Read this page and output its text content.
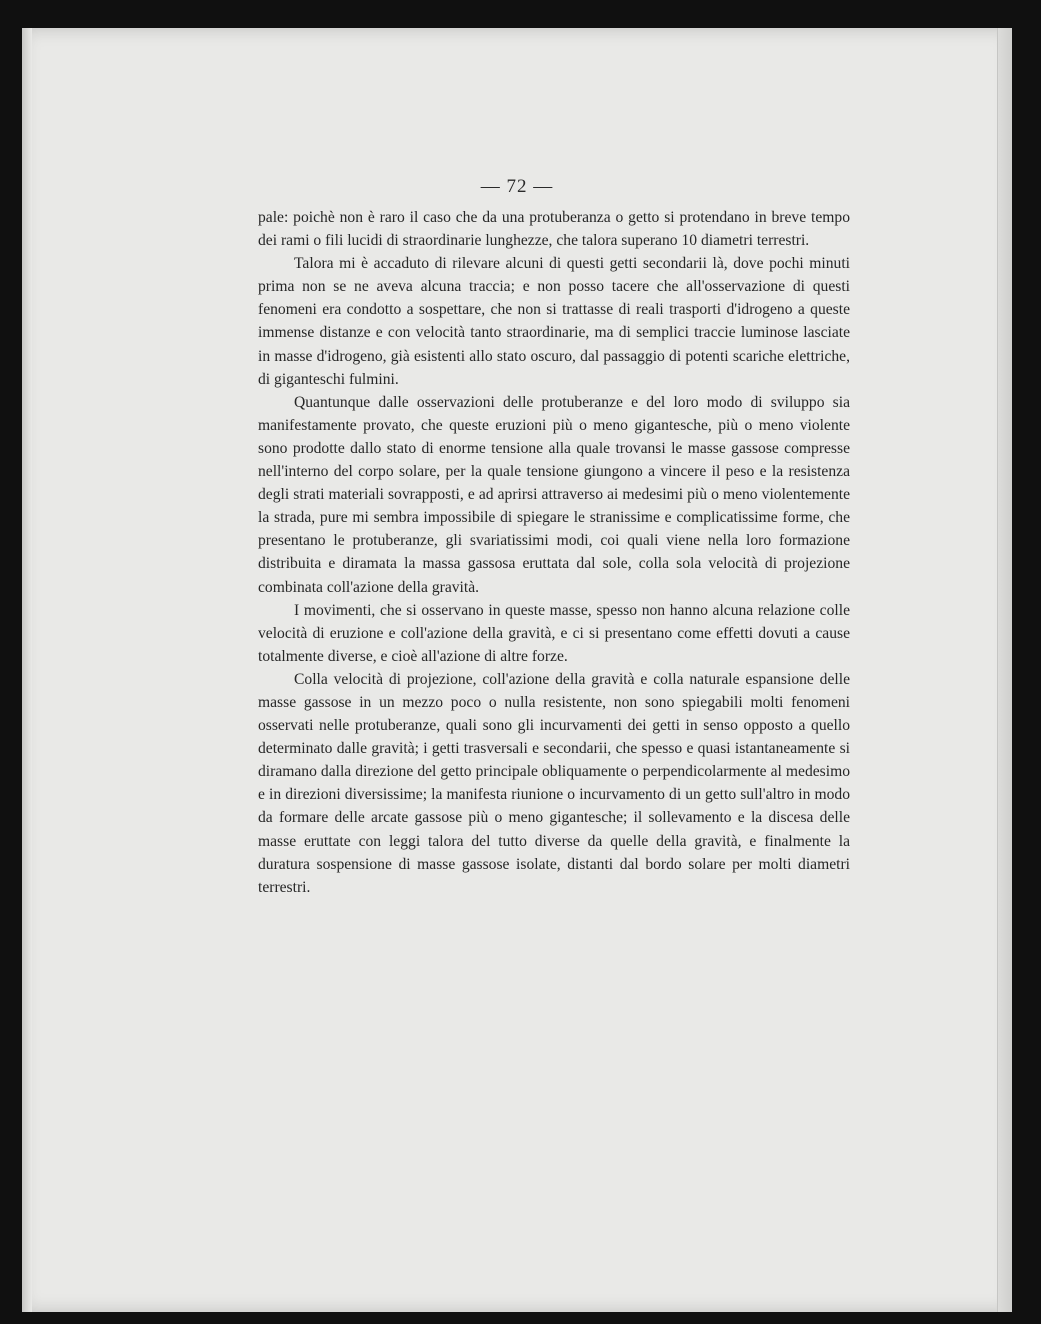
— 72 —

pale: poichè non è raro il caso che da una protuberanza o getto si protendano in breve tempo dei rami o fili lucidi di straordinarie lunghezze, che talora superano 10 diametri terrestri.

Talora mi è accaduto di rilevare alcuni di questi getti secondarii là, dove pochi minuti prima non se ne aveva alcuna traccia; e non posso tacere che all'osservazione di questi fenomeni era condotto a sospettare, che non si trattasse di reali trasporti d'idrogeno a queste immense distanze e con velocità tanto straordinarie, ma di semplici traccie luminose lasciate in masse d'idrogeno, già esistenti allo stato oscuro, dal passaggio di potenti scariche elettriche, di giganteschi fulmini.

Quantunque dalle osservazioni delle protuberanze e del loro modo di sviluppo sia manifestamente provato, che queste eruzioni più o meno gigantesche, più o meno violente sono prodotte dallo stato di enorme tensione alla quale trovansi le masse gassose compresse nell'interno del corpo solare, per la quale tensione giungono a vincere il peso e la resistenza degli strati materiali sovrapposti, e ad aprirsi attraverso ai medesimi più o meno violentemente la strada, pure mi sembra impossibile di spiegare le stranissime e complicatissime forme, che presentano le protuberanze, gli svariatissimi modi, coi quali viene nella loro formazione distribuita e diramata la massa gassosa eruttata dal sole, colla sola velocità di projezione combinata coll'azione della gravità.

I movimenti, che si osservano in queste masse, spesso non hanno alcuna relazione colle velocità di eruzione e coll'azione della gravità, e ci si presentano come effetti dovuti a cause totalmente diverse, e cioè all'azione di altre forze.

Colla velocità di projezione, coll'azione della gravità e colla naturale espansione delle masse gassose in un mezzo poco o nulla resistente, non sono spiegabili molti fenomeni osservati nelle protuberanze, quali sono gli incurvamenti dei getti in senso opposto a quello determinato dalle gravità; i getti trasversali e secondarii, che spesso e quasi istantaneamente si diramano dalla direzione del getto principale obliquamente o perpendicolarmente al medesimo e in direzioni diversissime; la manifesta riunione o incurvamento di un getto sull'altro in modo da formare delle arcate gassose più o meno gigantesche; il sollevamento e la discesa delle masse eruttate con leggi talora del tutto diverse da quelle della gravità, e finalmente la duratura sospensione di masse gassose isolate, distanti dal bordo solare per molti diametri terrestri.
